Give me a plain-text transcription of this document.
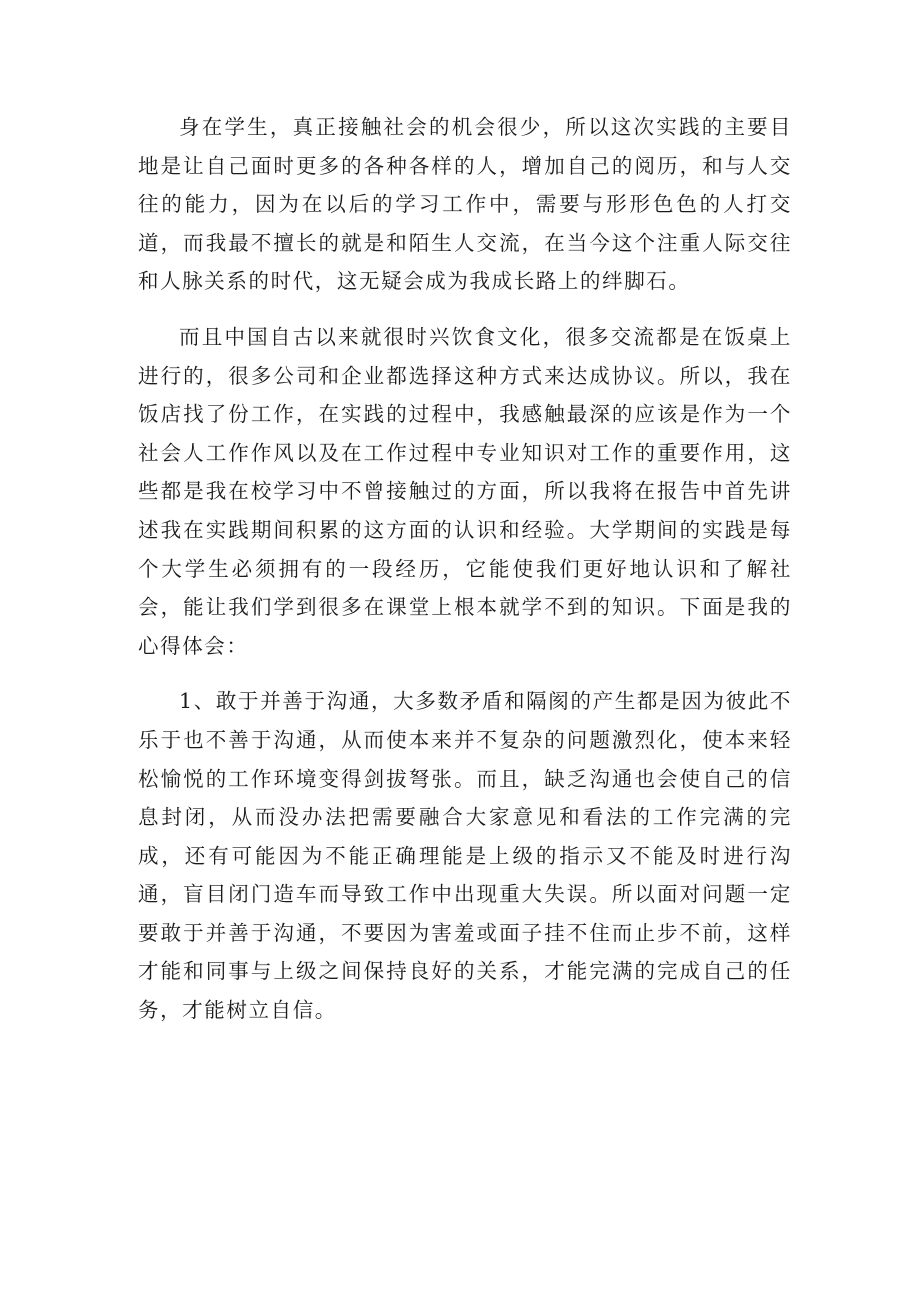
身在学生，真正接触社会的机会很少，所以这次实践的主要目地是让自己面时更多的各种各样的人，增加自己的阅历，和与人交往的能力，因为在以后的学习工作中，需要与形形色色的人打交道，而我最不擅长的就是和陌生人交流，在当今这个注重人际交往和人脉关系的时代，这无疑会成为我成长路上的绊脚石。

而且中国自古以来就很时兴饮食文化，很多交流都是在饭桌上进行的，很多公司和企业都选择这种方式来达成协议。所以，我在饭店找了份工作，在实践的过程中，我感触最深的应该是作为一个社会人工作作风以及在工作过程中专业知识对工作的重要作用，这些都是我在校学习中不曾接触过的方面，所以我将在报告中首先讲述我在实践期间积累的这方面的认识和经验。大学期间的实践是每个大学生必须拥有的一段经历，它能使我们更好地认识和了解社会，能让我们学到很多在课堂上根本就学不到的知识。下面是我的心得体会：

1、敢于并善于沟通，大多数矛盾和隔阂的产生都是因为彼此不乐于也不善于沟通，从而使本来并不复杂的问题激烈化，使本来轻松愉悦的工作环境变得剑拔弩张。而且，缺乏沟通也会使自己的信息封闭，从而没办法把需要融合大家意见和看法的工作完满的完成，还有可能因为不能正确理能是上级的指示又不能及时进行沟通，盲目闭门造车而导致工作中出现重大失误。所以面对问题一定要敢于并善于沟通，不要因为害羞或面子挂不住而止步不前，这样才能和同事与上级之间保持良好的关系，才能完满的完成自己的任务，才能树立自信。
